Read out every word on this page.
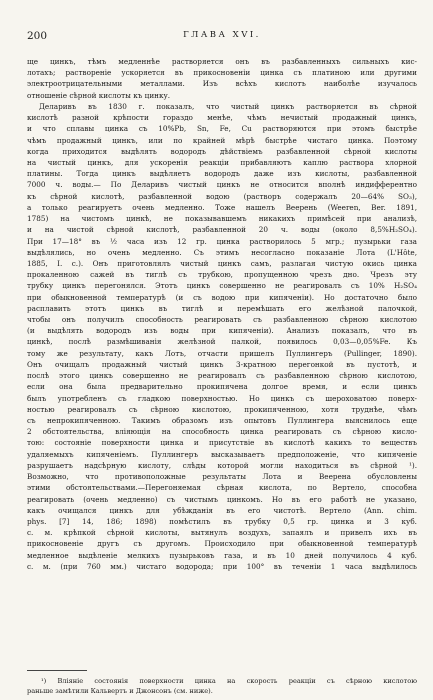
200	ГЛАВА XVI.
ще цинкъ, тѣмъ медленнѣе растворяется онъ въ разбавленныхъ сильныхъ кис-
лотахъ; растворенiе ускоряется въ прикосновенiи цинка съ платиною или другими
электроотрицательными металлами. Изъ всѣхъ кислотъ наиболѣе изучалось
отношенiе сѣрной кислоты къ цинку.
Деларивъ въ 1830 г. показалъ, что чистый цинкъ растворяется въ сѣрной
кислотѣ разной крѣпости гораздо менѣе, чѣмъ нечистый продажный цинкъ,
и что сплавы цинка съ 10%Pb, Sn, Fe, Cu растворяются при этомъ быстрѣе
чѣмъ продажный цинкъ, или по крайней мѣрѣ быстрѣе чистаго цинка. Поэтому
когда приходится выдѣлять водородъ дѣйствiемъ разбавленной сѣрной кислоты
на чистый цинкъ, для ускоренiя реакцiи прибавляютъ каплю раствора хлорной
платины. Тогда цинкъ выдѣляетъ водородъ даже изъ кислоты, разбавленной
7000 ч. воды.— По Деларивъ чистый цинкъ не относится вполнѣ индифферентно
къ сѣрной кислотѣ, разбавленной водою (растворъ содержалъ 20—64% SO₃),
а только реагируетъ очень медленно. Тоже нашелъ Веерень (Weeren, Ber. 1891,
1785) на чистомъ цинкѣ, не показывавшемъ никакихъ примѣсей при анализѣ,
и на чистой сѣрной кислотѣ, разбавленной 20 ч. воды (около 8,5%H₂SO₄).
При 17—18° въ ½ часа изъ 12 гр. цинка растворилось 5 мгр.; пузырьки газа
выдѣлялись, но очень медленно. Съ этимъ несогласно показанiе Лота (L'Hôte,
1885, I. c.). Онъ приготовлялъ чистый цинкъ самъ, разлагая чистую окись цинка
прокаленною сажей въ тиглѣ съ трубкою, пропущенною чрезъ дно. Чрезъ эту
трубку цинкъ перегонялся. Этотъ цинкъ совершенно не реагировалъ съ 10% H₂SO₄
при обыкновенной температурѣ (и съ водою при кипяченiи). Но достаточно было
расплавить этотъ цинкъ въ тиглѣ и перемѣшать его желѣзной палочкой,
чтобы онъ получилъ способность реагировать съ разбавленною сѣрною кислотою
(и выдѣлять водородъ изъ воды при кипяченiи). Анализъ показалъ, что въ
цинкѣ, послѣ размѣшиванiя желѣзной палкой, появилось 0,03—0,05%Fe. Къ
тому же результату, какъ Лотъ, отчасти пришелъ Пуллингеръ (Pullinger, 1890).
Онъ очищалъ продажный чистый цинкъ 3-кратною перегонкой въ пустотѣ, и
послѣ этого цинкъ совершенно не реагировалъ съ разбавленною сѣрною кислотою,
если она была предварительно прокипячена долгое время, и если цинкъ
былъ употребленъ съ гладкою поверхностью. Но цинкъ съ шероховатою поверх-
ностью реагировалъ съ сѣрною кислотою, прокипяченною, хотя труднѣе, чѣмъ
съ непрокипяченною. Такимъ образомъ изъ опытовъ Пуллингера выяснилось еще
2 обстоятельства, влiяющiя на способность цинка реагировать съ сѣрною кисло-
тою: состоянiе поверхности цинка и присутствiе въ кислотѣ какихъ то веществъ
удаляемыхъ кипяченiемъ. Пуллингеръ высказываетъ предположенiе, что кипяченiе
разрушаетъ надсѣрную кислоту, слѣды которой могли находиться въ сѣрной ¹).
Возможно, что противоположные результаты Лота и Веерена обусловлены
этими обстоятельствами.—Перегоняемая сѣрная кислота, по Вертело, способна
реагировать (очень медленно) съ чистымъ цинкомъ. Но въ его работѣ не указано,
какъ очищался цинкъ для убѣжданiя въ его чистотѣ. Вертело (Ann. chim.
phys. [7] 14, 186; 1898) помѣстилъ въ трубку 0,5 гр. цинка и 3 куб.
с. м. крѣпкой сѣрной кислоты, вытянулъ воздухъ, запаялъ и привелъ ихъ въ
прикосновенiе другъ съ другомъ. Происходило при обыкновенной температурѣ
медленное выдѣленiе мелкихъ пузырьковъ газа, и въ 10 дней получилось 4 куб.
с. м. (при 760 мм.) чистаго водорода; при 100° въ теченiи 1 часа выдѣлилось
¹) Влiянiе состоянiя поверхности цинка на скорость реакцiи съ сѣрною кислотою
раньше замѣтили Кальвертъ и Джонсонъ (см. ниже).
